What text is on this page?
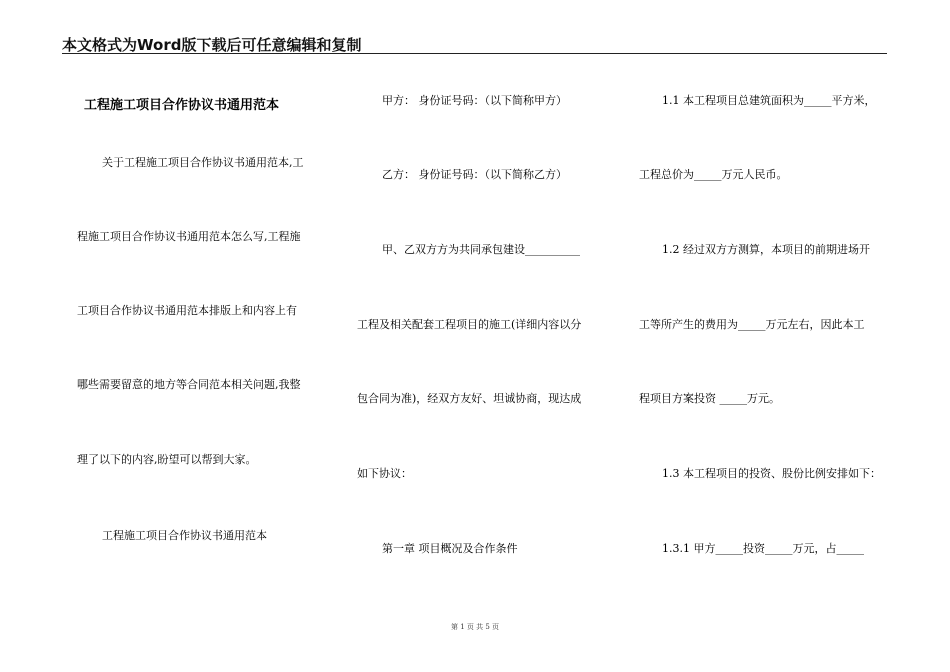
本文格式为Word版下载后可任意编辑和复制
工程施工项目合作协议书通用范本
关于工程施工项目合作协议书通用范本,工
程施工项目合作协议书通用范本怎么写,工程施
工项目合作协议书通用范本排版上和内容上有
哪些需要留意的地方等合同范本相关问题,我整
理了以下的内容,盼望可以帮到大家。
工程施工项目合作协议书通用范本
甲方： 身份证号码：（以下简称甲方）
乙方： 身份证号码：（以下简称乙方）
甲、乙双方方为共同承包建设__________
工程及相关配套工程项目的施工(详细内容以分
包合同为准)，经双方友好、坦诚协商，现达成
如下协议：
第一章 项目概况及合作条件
1.1 本工程项目总建筑面积为_____平方米，
工程总价为_____万元人民币。
1.2 经过双方方测算，本项目的前期进场开
工等所产生的费用为_____万元左右，因此本工
程项目方案投资 _____万元。
1.3 本工程项目的投资、股份比例安排如下：
1.3.1 甲方_____投资_____万元，占_____
第 1 页 共 5 页
